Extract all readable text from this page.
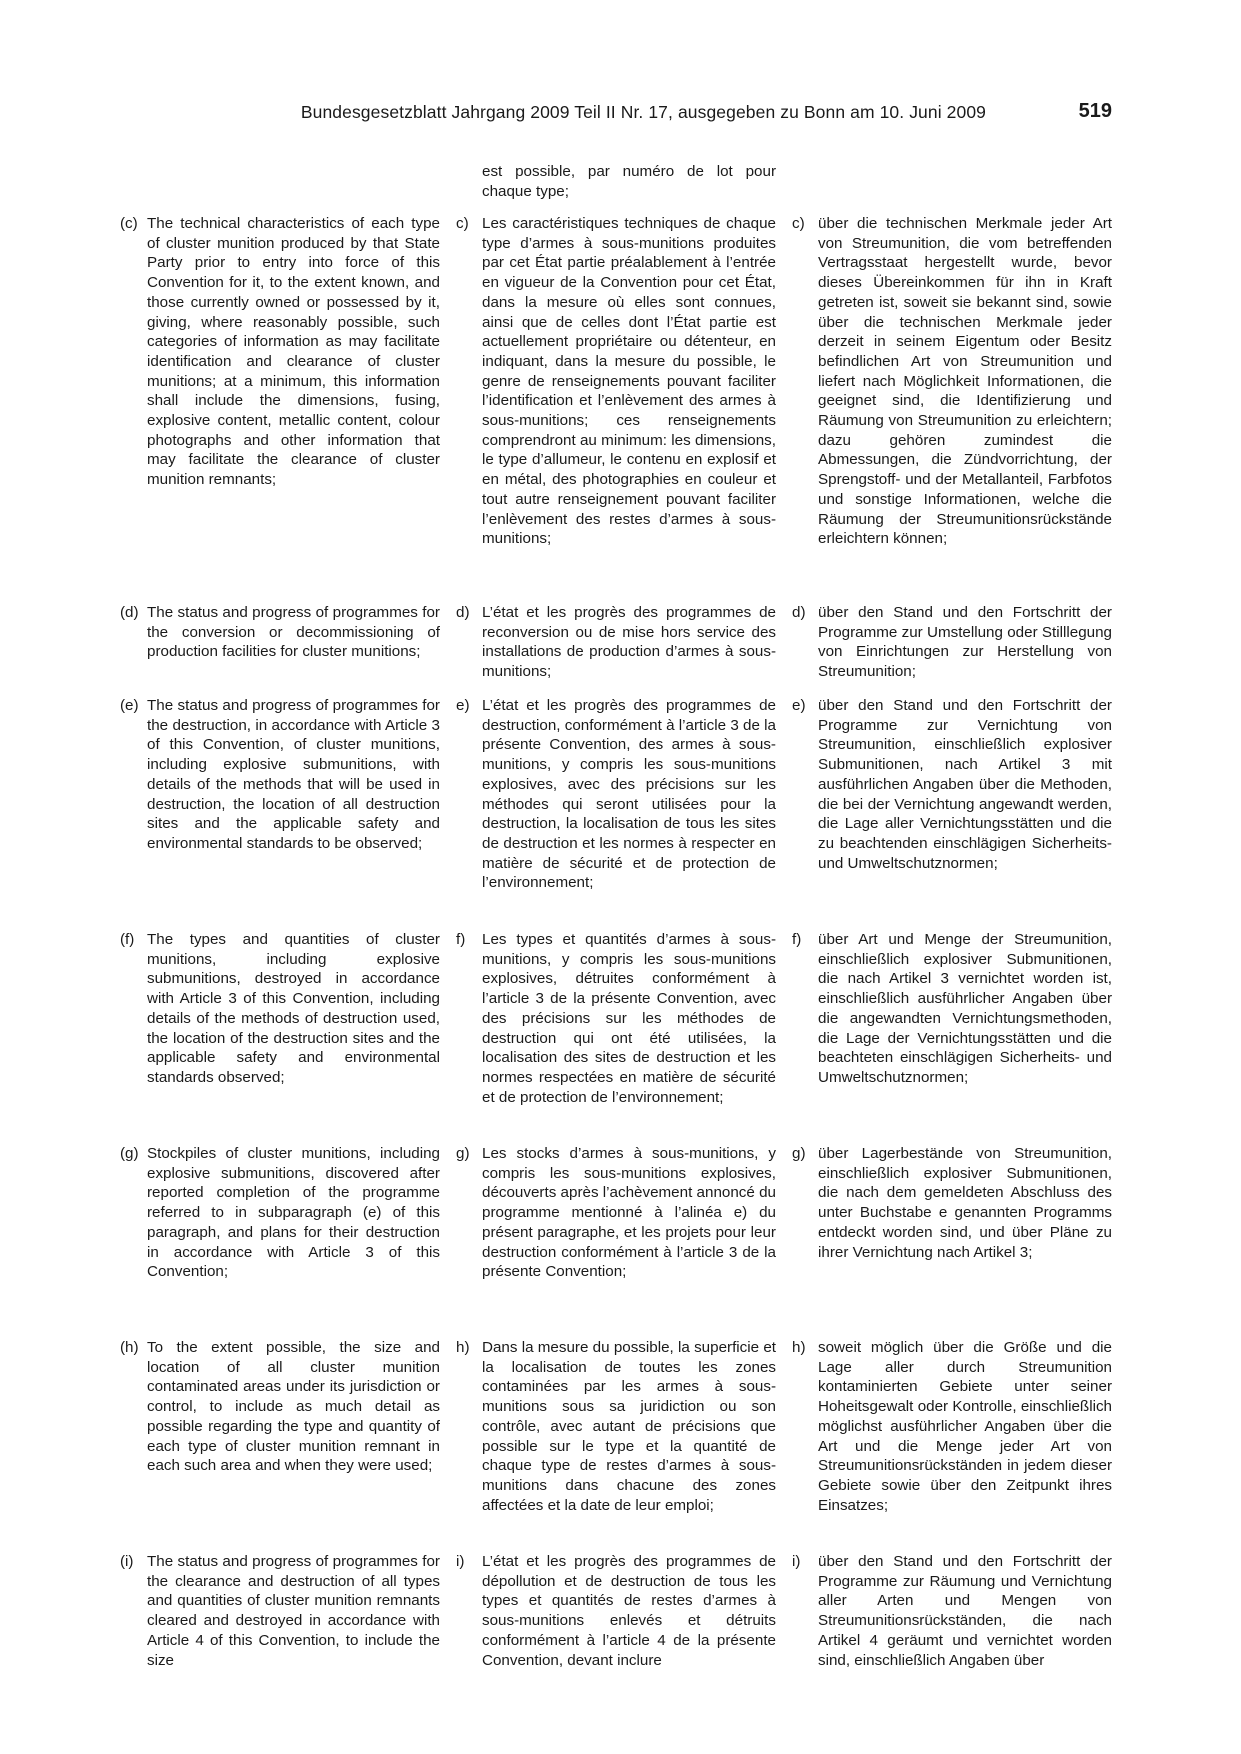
Bundesgesetzblatt Jahrgang 2009 Teil II Nr. 17, ausgegeben zu Bonn am 10. Juni 2009	519
est possible, par numéro de lot pour chaque type;
(c) The technical characteristics of each type of cluster munition produced by that State Party prior to entry into force of this Convention for it, to the extent known, and those currently owned or possessed by it, giving, where reasonably possible, such categories of information as may facilitate identification and clearance of cluster munitions; at a minimum, this information shall include the dimensions, fusing, explosive content, metallic content, colour photographs and other information that may facilitate the clearance of cluster munition remnants;
c) Les caractéristiques techniques de chaque type d’armes à sous-munitions produites par cet État partie préalablement à l’entrée en vigueur de la Convention pour cet État, dans la mesure où elles sont connues, ainsi que de celles dont l’État partie est actuellement propriétaire ou détenteur, en indiquant, dans la mesure du possible, le genre de renseignements pouvant faciliter l’identification et l’enlèvement des armes à sous-munitions; ces renseignements comprendront au minimum: les dimensions, le type d’allumeur, le contenu en explosif et en métal, des photographies en couleur et tout autre renseignement pouvant faciliter l’enlèvement des restes d’armes à sous-munitions;
c) über die technischen Merkmale jeder Art von Streumunition, die vom betreffenden Vertragsstaat hergestellt wurde, bevor dieses Übereinkommen für ihn in Kraft getreten ist, soweit sie bekannt sind, sowie über die technischen Merkmale jeder derzeit in seinem Eigentum oder Besitz befindlichen Art von Streumunition und liefert nach Möglichkeit Informationen, die geeignet sind, die Identifizierung und Räumung von Streumunition zu erleichtern; dazu gehören zumindest die Abmessungen, die Zündvorrichtung, der Sprengstoff- und der Metallanteil, Farbfotos und sonstige Informationen, welche die Räumung der Streumunitionsrückstände erleichtern können;
(d) The status and progress of programmes for the conversion or decommissioning of production facilities for cluster munitions;
d) L’état et les progrès des programmes de reconversion ou de mise hors service des installations de production d’armes à sous-munitions;
d) über den Stand und den Fortschritt der Programme zur Umstellung oder Stilllegung von Einrichtungen zur Herstellung von Streumunition;
(e) The status and progress of programmes for the destruction, in accordance with Article 3 of this Convention, of cluster munitions, including explosive submunitions, with details of the methods that will be used in destruction, the location of all destruction sites and the applicable safety and environmental standards to be observed;
e) L’état et les progrès des programmes de destruction, conformément à l’article 3 de la présente Convention, des armes à sous-munitions, y compris les sous-munitions explosives, avec des précisions sur les méthodes qui seront utilisées pour la destruction, la localisation de tous les sites de destruction et les normes à respecter en matière de sécurité et de protection de l’environnement;
e) über den Stand und den Fortschritt der Programme zur Vernichtung von Streumunition, einschließlich explosiver Submunitionen, nach Artikel 3 mit ausführlichen Angaben über die Methoden, die bei der Vernichtung angewandt werden, die Lage aller Vernichtungsstätten und die zu beachtenden einschlägigen Sicherheits- und Umweltschutznormen;
(f) The types and quantities of cluster munitions, including explosive submunitions, destroyed in accordance with Article 3 of this Convention, including details of the methods of destruction used, the location of the destruction sites and the applicable safety and environmental standards observed;
f)	Les types et quantités d’armes à sous-munitions, y compris les sous-munitions explosives, détruites conformément à l’article 3 de la présente Convention, avec des précisions sur les méthodes de destruction qui ont été utilisées, la localisation des sites de destruction et les normes respectées en matière de sécurité et de protection de l’environnement;
f)	über Art und Menge der Streumunition, einschließlich explosiver Submunitionen, die nach Artikel 3 vernichtet worden ist, einschließlich ausführlicher Angaben über die angewandten Vernichtungsmethoden, die Lage der Vernichtungsstätten und die beachteten einschlägigen Sicherheits- und Umweltschutznormen;
(g) Stockpiles of cluster munitions, including explosive submunitions, discovered after reported completion of the programme referred to in subparagraph (e) of this paragraph, and plans for their destruction in accordance with Article 3 of this Convention;
g) Les stocks d’armes à sous-munitions, y compris les sous-munitions explosives, découverts après l’achèvement annoncé du programme mentionné à l’alinéa e) du présent paragraphe, et les projets pour leur destruction conformément à l’article 3 de la présente Convention;
g) über Lagerbestände von Streumunition, einschließlich explosiver Submunitionen, die nach dem gemeldeten Abschluss des unter Buchstabe e genannten Programms entdeckt worden sind, und über Pläne zu ihrer Vernichtung nach Artikel 3;
(h) To the extent possible, the size and location of all cluster munition contaminated areas under its jurisdiction or control, to include as much detail as possible regarding the type and quantity of each type of cluster munition remnant in each such area and when they were used;
h) Dans la mesure du possible, la superficie et la localisation de toutes les zones contaminées par les armes à sous-munitions sous sa juridiction ou son contrôle, avec autant de précisions que possible sur le type et la quantité de chaque type de restes d’armes à sous-munitions dans chacune des zones affectées et la date de leur emploi;
h) soweit möglich über die Größe und die Lage aller durch Streumunition kontaminierten Gebiete unter seiner Hoheitsgewalt oder Kontrolle, einschließlich möglichst ausführlicher Angaben über die Art und die Menge jeder Art von Streumunitionsrückständen in jedem dieser Gebiete sowie über den Zeitpunkt ihres Einsatzes;
(i) The status and progress of programmes for the clearance and destruction of all types and quantities of cluster munition remnants cleared and destroyed in accordance with Article 4 of this Convention, to include the size
i)	L’état et les progrès des programmes de dépollution et de destruction de tous les types et quantités de restes d’armes à sous-munitions enlevés et détruits conformément à l’article 4 de la présente Convention, devant inclure
i)	über den Stand und den Fortschritt der Programme zur Räumung und Vernichtung aller Arten und Mengen von Streumunitionsrückständen, die nach Artikel 4 geräumt und vernichtet worden sind, einschließlich Angaben über
